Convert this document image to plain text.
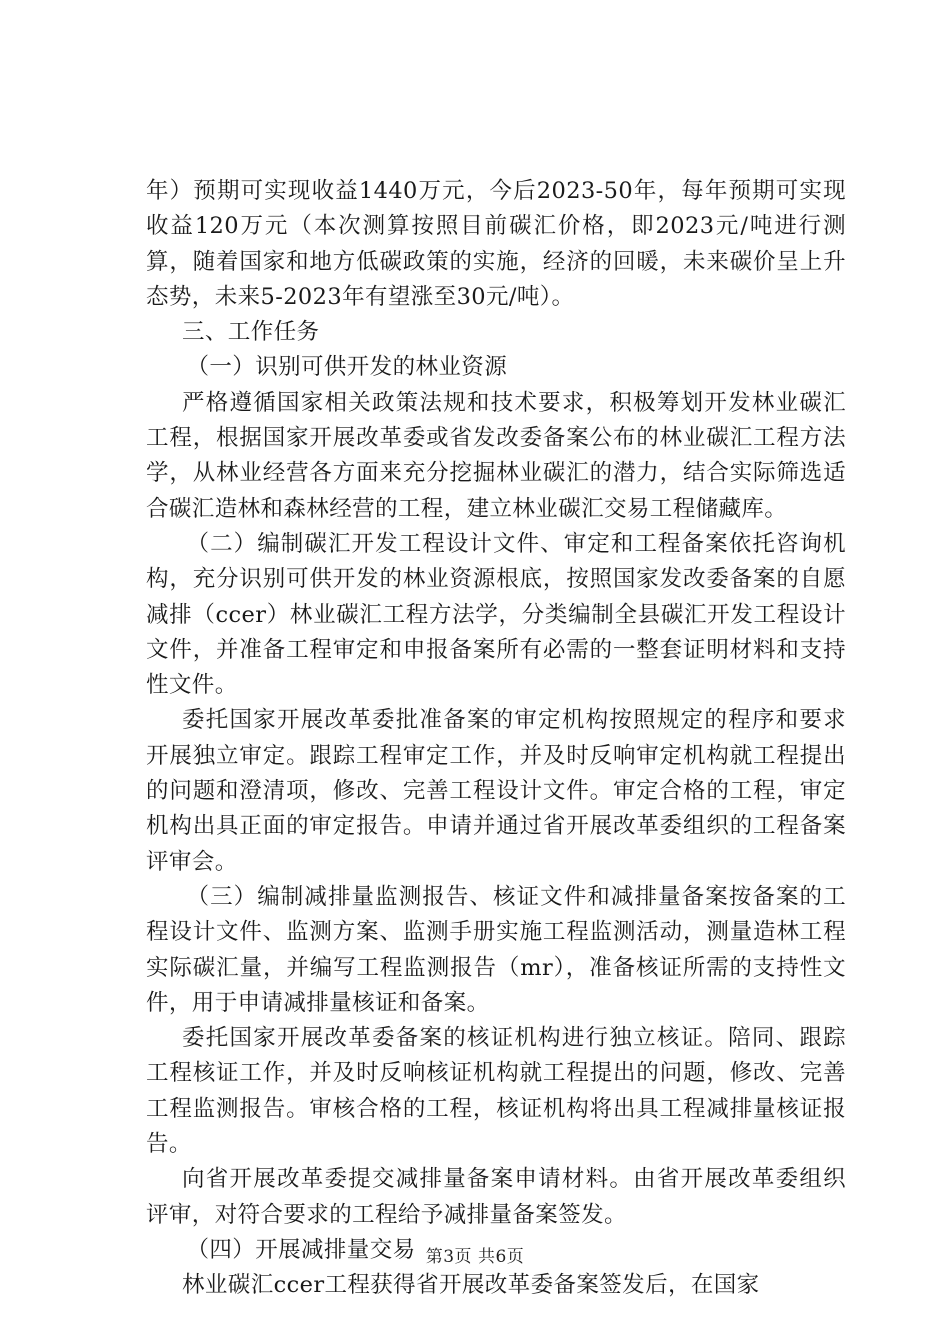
年）预期可实现收益1440万元，今后2023-50年，每年预期可实现收益120万元（本次测算按照目前碳汇价格，即2023元/吨进行测算，随着国家和地方低碳政策的实施，经济的回暖，未来碳价呈上升态势，未来5-2023年有望涨至30元/吨）。

三、工作任务

（一）识别可供开发的林业资源

严格遵循国家相关政策法规和技术要求，积极筹划开发林业碳汇工程，根据国家开展改革委或省发改委备案公布的林业碳汇工程方法学，从林业经营各方面来充分挖掘林业碳汇的潜力，结合实际筛选适合碳汇造林和森林经营的工程，建立林业碳汇交易工程储藏库。

（二）编制碳汇开发工程设计文件、审定和工程备案依托咨询机构，充分识别可供开发的林业资源根底，按照国家发改委备案的自愿减排（ccer）林业碳汇工程方法学，分类编制全县碳汇开发工程设计文件，并准备工程审定和申报备案所有必需的一整套证明材料和支持性文件。

委托国家开展改革委批准备案的审定机构按照规定的程序和要求开展独立审定。跟踪工程审定工作，并及时反响审定机构就工程提出的问题和澄清项，修改、完善工程设计文件。审定合格的工程，审定机构出具正面的审定报告。申请并通过省开展改革委组织的工程备案评审会。

（三）编制减排量监测报告、核证文件和减排量备案按备案的工程设计文件、监测方案、监测手册实施工程监测活动，测量造林工程实际碳汇量，并编写工程监测报告（mr），准备核证所需的支持性文件，用于申请减排量核证和备案。

委托国家开展改革委备案的核证机构进行独立核证。陪同、跟踪工程核证工作，并及时反响核证机构就工程提出的问题，修改、完善工程监测报告。审核合格的工程，核证机构将出具工程减排量核证报告。

向省开展改革委提交减排量备案申请材料。由省开展改革委组织评审，对符合要求的工程给予减排量备案签发。

（四）开展减排量交易

林业碳汇ccer工程获得省开展改革委备案签发后，在国家

第3页 共6页
